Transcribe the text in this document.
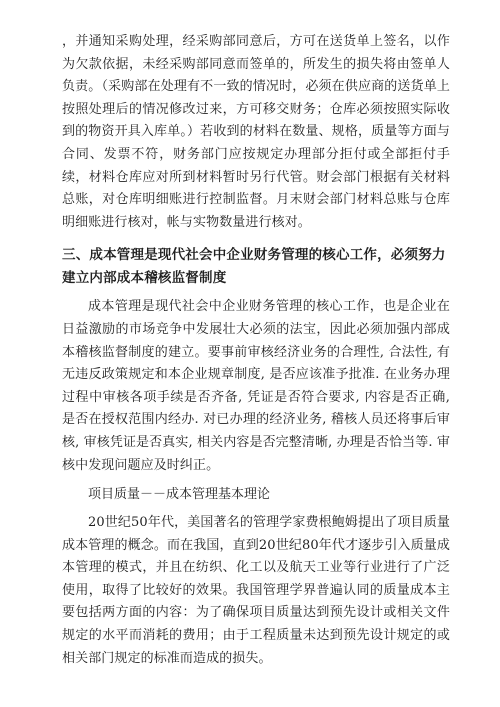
，并通知采购处理，经采购部同意后，方可在送货单上签名，以作为欠款依据，未经采购部同意而签单的，所发生的损失将由签单人负责。（采购部在处理有不一致的情况时，必须在供应商的送货单上按照处理后的情况修改过来，方可移交财务；仓库必须按照实际收到的物资开具入库单。）若收到的材料在数量、规格，质量等方面与合同、发票不符，财务部门应按规定办理部分拒付或全部拒付手续，材料仓库应对所到材料暂时另行代管。财会部门根据有关材料总账，对仓库明细账进行控制监督。月末财会部门材料总账与仓库明细账进行核对，帐与实物数量进行核对。

三、成本管理是现代社会中企业财务管理的核心工作，必须努力建立内部成本稽核监督制度

成本管理是现代社会中企业财务管理的核心工作，也是企业在日益激励的市场竞争中发展壮大必须的法宝，因此必须加强内部成本稽核监督制度的建立。要事前审核经济业务的合理性, 合法性, 有无违反政策规定和本企业规章制度, 是否应该准予批准. 在业务办理过程中审核各项手续是否齐备, 凭证是否符合要求, 内容是否正确, 是否在授权范围内经办. 对已办理的经济业务, 稽核人员还将事后审核, 审核凭证是否真实, 相关内容是否完整清晰, 办理是否恰当等. 审核中发现问题应及时纠正。

项目质量－－成本管理基本理论

20世纪50年代，美国著名的管理学家费根鲍姆提出了项目质量成本管理的概念。而在我国，直到20世纪80年代才逐步引入质量成本管理的模式，并且在纺织、化工以及航天工业等行业进行了广泛使用，取得了比较好的效果。我国管理学界普遍认同的质量成本主要包括两方面的内容：为了确保项目质量达到预先设计或相关文件规定的水平而消耗的费用；由于工程质量未达到预先设计规定的或相关部门规定的标准而造成的损失。
